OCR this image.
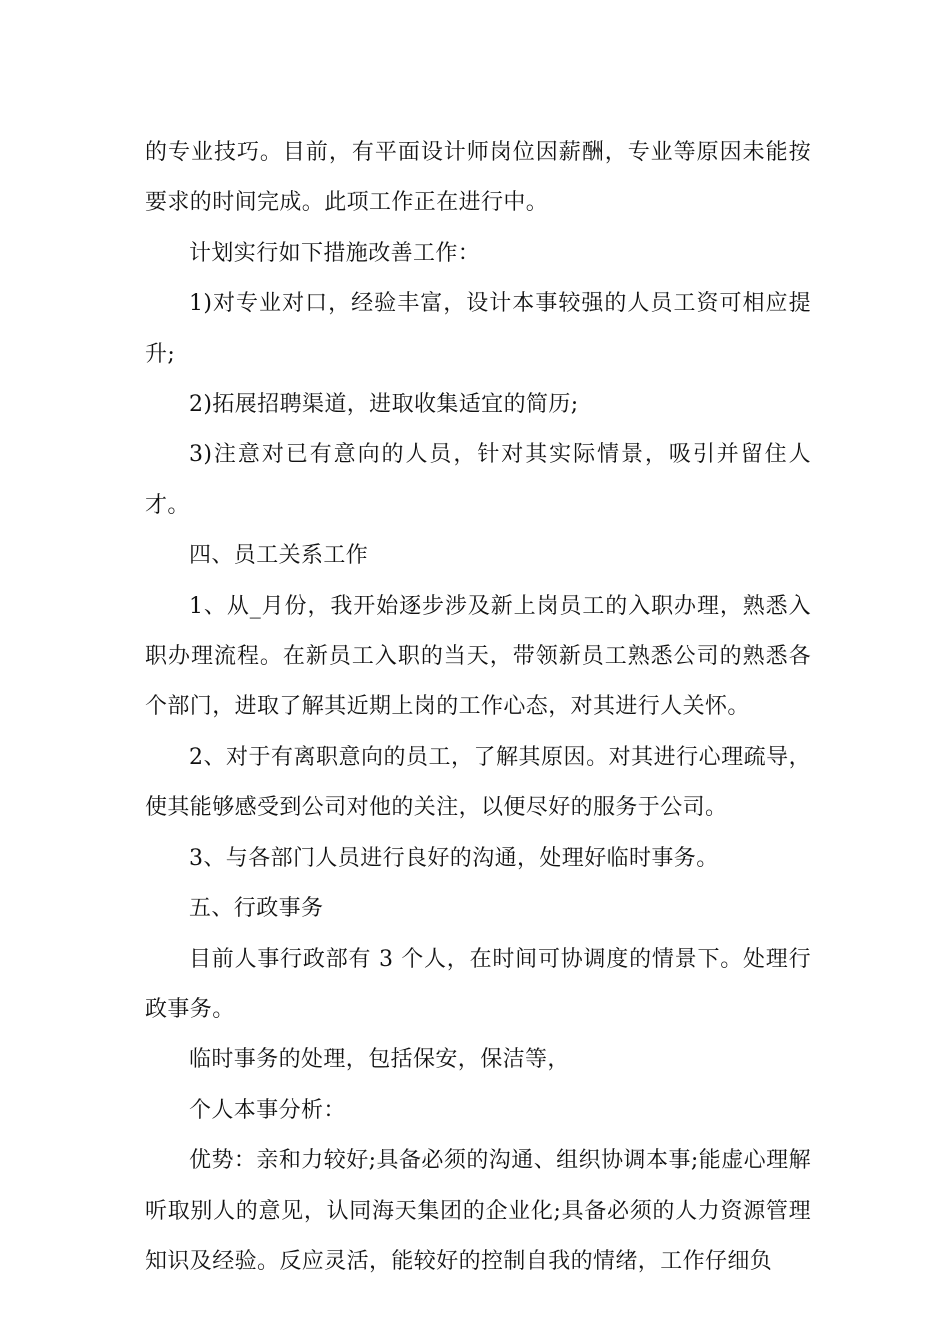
的专业技巧。目前，有平面设计师岗位因薪酬，专业等原因未能按要求的时间完成。此项工作正在进行中。

计划实行如下措施改善工作：

1)对专业对口，经验丰富，设计本事较强的人员工资可相应提升;

2)拓展招聘渠道，进取收集适宜的简历;

3)注意对已有意向的人员，针对其实际情景，吸引并留住人才。

四、员工关系工作

1、从_月份，我开始逐步涉及新上岗员工的入职办理，熟悉入职办理流程。在新员工入职的当天，带领新员工熟悉公司的熟悉各个部门，进取了解其近期上岗的工作心态，对其进行人关怀。

2、对于有离职意向的员工，了解其原因。对其进行心理疏导，使其能够感受到公司对他的关注，以便尽好的服务于公司。

3、与各部门人员进行良好的沟通，处理好临时事务。

五、行政事务

目前人事行政部有 3 个人，在时间可协调度的情景下。处理行政事务。

临时事务的处理，包括保安，保洁等，

个人本事分析：

优势：亲和力较好;具备必须的沟通、组织协调本事;能虚心理解听取别人的意见，认同海天集团的企业化;具备必须的人力资源管理知识及经验。反应灵活，能较好的控制自我的情绪，工作仔细负
